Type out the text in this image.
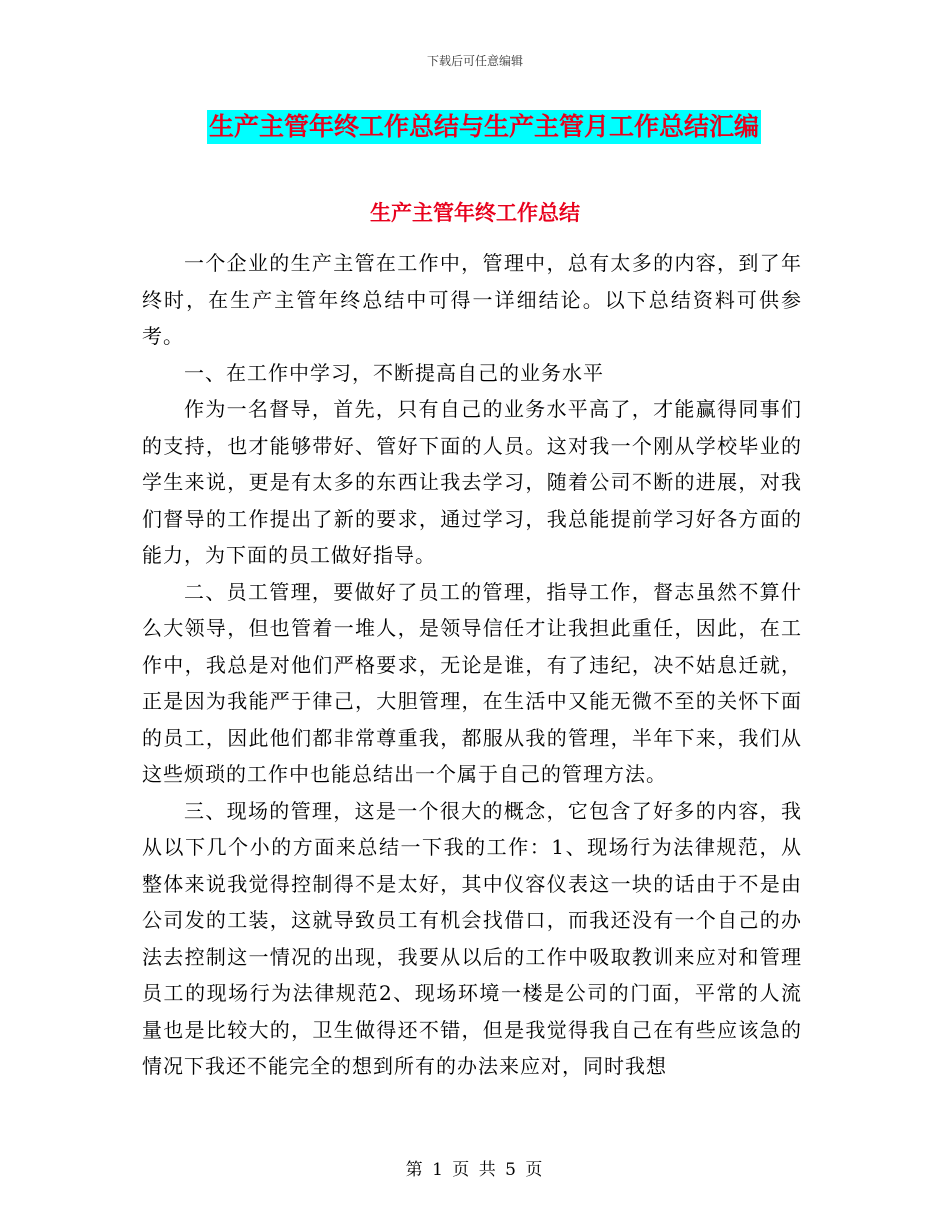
下载后可任意编辑
生产主管年终工作总结与生产主管月工作总结汇编
生产主管年终工作总结

一个企业的生产主管在工作中，管理中，总有太多的内容，到了年终时，在生产主管年终总结中可得一详细结论。以下总结资料可供参考。

一、在工作中学习，不断提高自己的业务水平

作为一名督导，首先，只有自己的业务水平高了，才能赢得同事们的支持，也才能够带好、管好下面的人员。这对我一个刚从学校毕业的学生来说，更是有太多的东西让我去学习，随着公司不断的进展，对我们督导的工作提出了新的要求，通过学习，我总能提前学习好各方面的能力，为下面的员工做好指导。

二、员工管理，要做好了员工的管理，指导工作，督志虽然不算什么大领导，但也管着一堆人，是领导信任才让我担此重任，因此，在工作中，我总是对他们严格要求，无论是谁，有了违纪，决不姑息迁就，正是因为我能严于律己，大胆管理，在生活中又能无微不至的关怀下面的员工，因此他们都非常尊重我，都服从我的管理，半年下来，我们从这些烦琐的工作中也能总结出一个属于自己的管理方法。

三、现场的管理，这是一个很大的概念，它包含了好多的内容，我从以下几个小的方面来总结一下我的工作：1、现场行为法律规范，从整体来说我觉得控制得不是太好，其中仪容仪表这一块的话由于不是由公司发的工装，这就导致员工有机会找借口，而我还没有一个自己的办法去控制这一情况的出现，我要从以后的工作中吸取教训来应对和管理员工的现场行为法律规范2、现场环境一楼是公司的门面，平常的人流量也是比较大的，卫生做得还不错，但是我觉得我自己在有些应该急的情况下我还不能完全的想到所有的办法来应对，同时我想

第 1 页 共 5 页
